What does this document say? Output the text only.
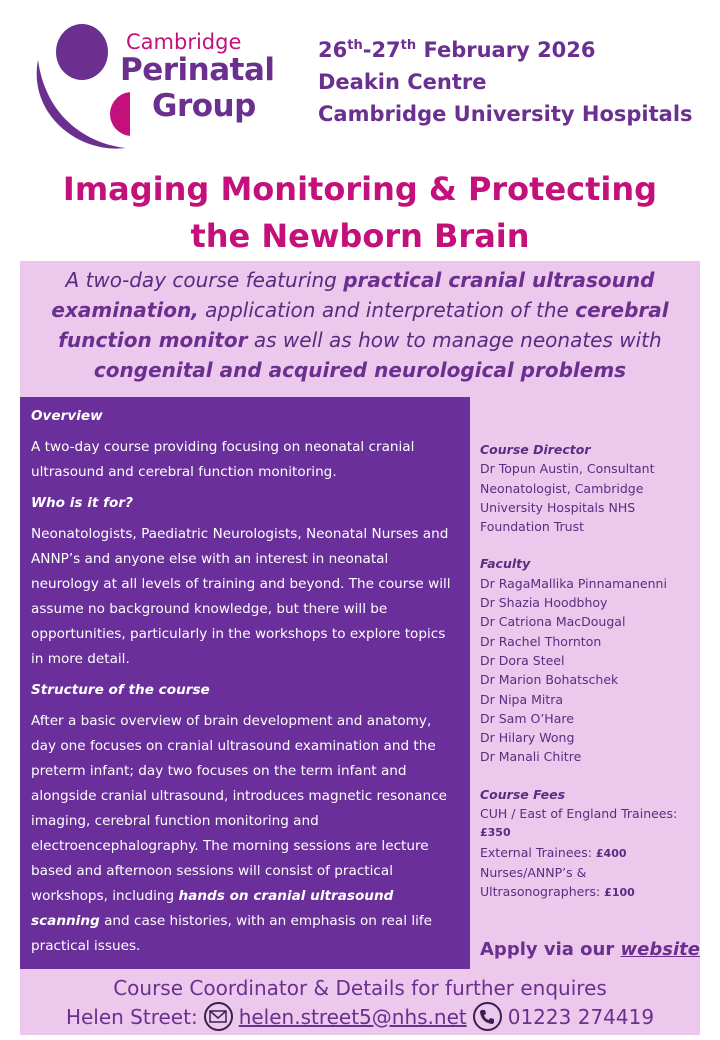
Cambridge
Perinatal
Group
26th-27th February 2026
Deakin Centre
Cambridge University Hospitals
Imaging Monitoring & Protecting
the Newborn Brain
A two-day course featuring practical cranial ultrasound examination, application and interpretation of the cerebral function monitor as well as how to manage neonates with congenital and acquired neurological problems
Overview

A two-day course providing focusing on neonatal cranial ultrasound and cerebral function monitoring.

Who is it for?

Neonatologists, Paediatric Neurologists, Neonatal Nurses and ANNP’s and anyone else with an interest in neonatal neurology at all levels of training and beyond. The course will assume no background knowledge, but there will be opportunities, particularly in the workshops to explore topics in more detail.

Structure of the course

After a basic overview of brain development and anatomy, day one focuses on cranial ultrasound examination and the preterm infant; day two focuses on the term infant and alongside cranial ultrasound, introduces magnetic resonance imaging, cerebral function monitoring and electroencephalography. The morning sessions are lecture based and afternoon sessions will consist of practical workshops, including hands on cranial ultrasound scanning and case histories, with an emphasis on real life practical issues.

Course Director
Dr Topun Austin, Consultant Neonatologist, Cambridge University Hospitals NHS Foundation Trust
Faculty
Dr RagaMallika Pinnamanenni
Dr Shazia Hoodbhoy
Dr Catriona MacDougal
Dr Rachel Thornton
Dr Dora Steel
Dr Marion Bohatschek
Dr Nipa Mitra
Dr Sam O’Hare
Dr Hilary Wong
Dr Manali Chitre
Course Fees
CUH / East of England Trainees:
£350
External Trainees: £400
Nurses/ANNP’s &
Ultrasonographers: £100
Apply via our website
Course Coordinator & Details for further enquires
Helen Street: helen.street5@nhs.net 01223 274419
